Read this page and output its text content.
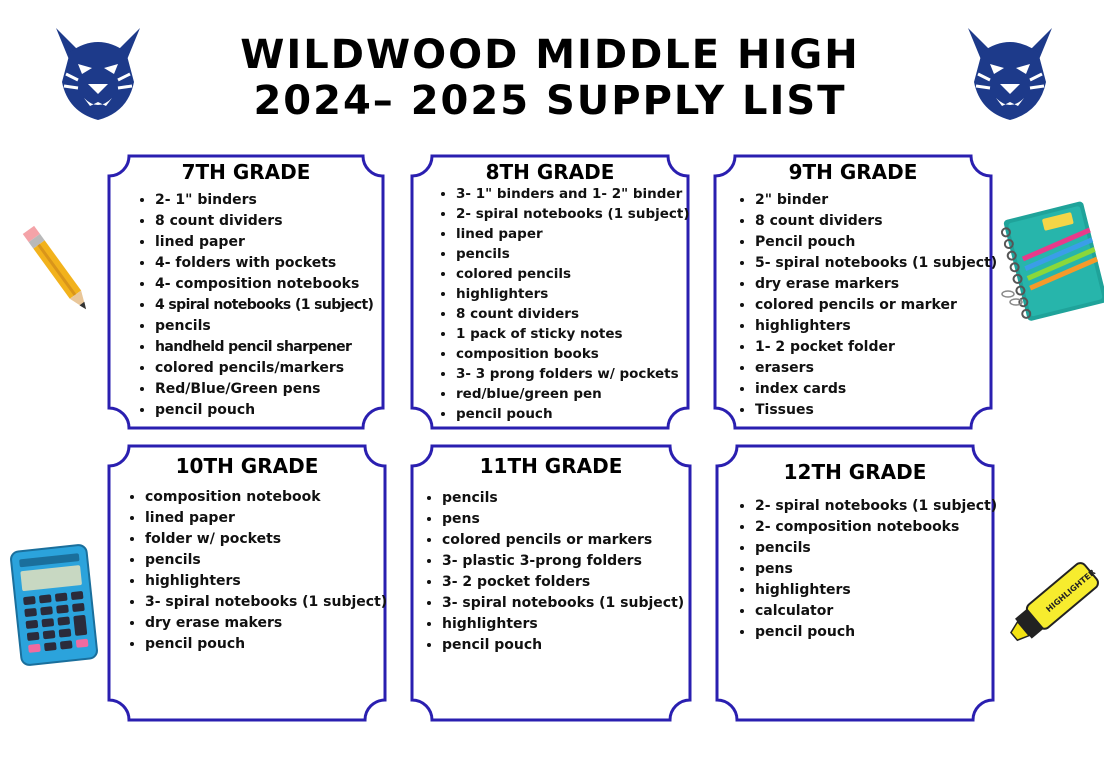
WILDWOOD MIDDLE HIGH
2024– 2025 SUPPLY LIST
7TH GRADE
• 2- 1" binders
• 8 count dividers
• lined paper
• 4- folders with pockets
• 4- composition notebooks
• 4 spiral notebooks (1 subject)
• pencils
• handheld pencil sharpener
• colored pencils/markers
• Red/Blue/Green pens
• pencil pouch
8TH GRADE
• 3- 1" binders and 1- 2" binder
• 2- spiral notebooks (1 subject)
• lined paper
• pencils
• colored pencils
• highlighters
• 8 count dividers
• 1 pack of sticky notes
• composition books
• 3- 3 prong folders w/ pockets
• red/blue/green pen
• pencil pouch
9TH GRADE
• 2" binder
• 8 count dividers
• Pencil pouch
• 5- spiral notebooks (1 subject)
• dry erase markers
• colored pencils or marker
• highlighters
• 1- 2 pocket folder
• erasers
• index cards
• Tissues
10TH GRADE
• composition notebook
• lined paper
• folder w/ pockets
• pencils
• highlighters
• 3- spiral notebooks (1 subject)
• dry erase makers
• pencil pouch
11TH GRADE
• pencils
• pens
• colored pencils or markers
• 3- plastic 3-prong folders
• 3- 2 pocket folders
• 3- spiral notebooks (1 subject)
• highlighters
• pencil pouch
12TH GRADE
• 2- spiral notebooks (1 subject)
• 2- composition notebooks
• pencils
• pens
• highlighters
• calculator
• pencil pouch
HIGHLIGHTER
